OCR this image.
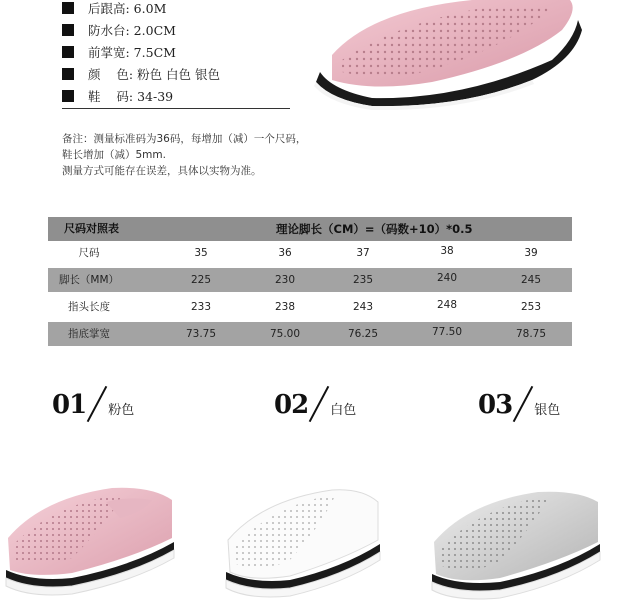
后跟高: 6.0M
防水台: 2.0CM
前掌宽: 7.5CM
颜    色: 粉色 白色 银色
鞋    码: 34-39
备注：测量标准码为36码，每增加（减）一个尺码，
鞋长增加（减）5mm.
测量方式可能存在误差，具体以实物为准。
尺码对照表	理论脚长（CM）=（码数+10）*0.5
尺码	35	36	37	38	39
脚长（MM）	225	230	235	240	245
指头长度	233	238	243	248	253
指底掌宽	73.75	75.00	76.25	77.50	78.75
01 粉色	02 白色	03 银色
